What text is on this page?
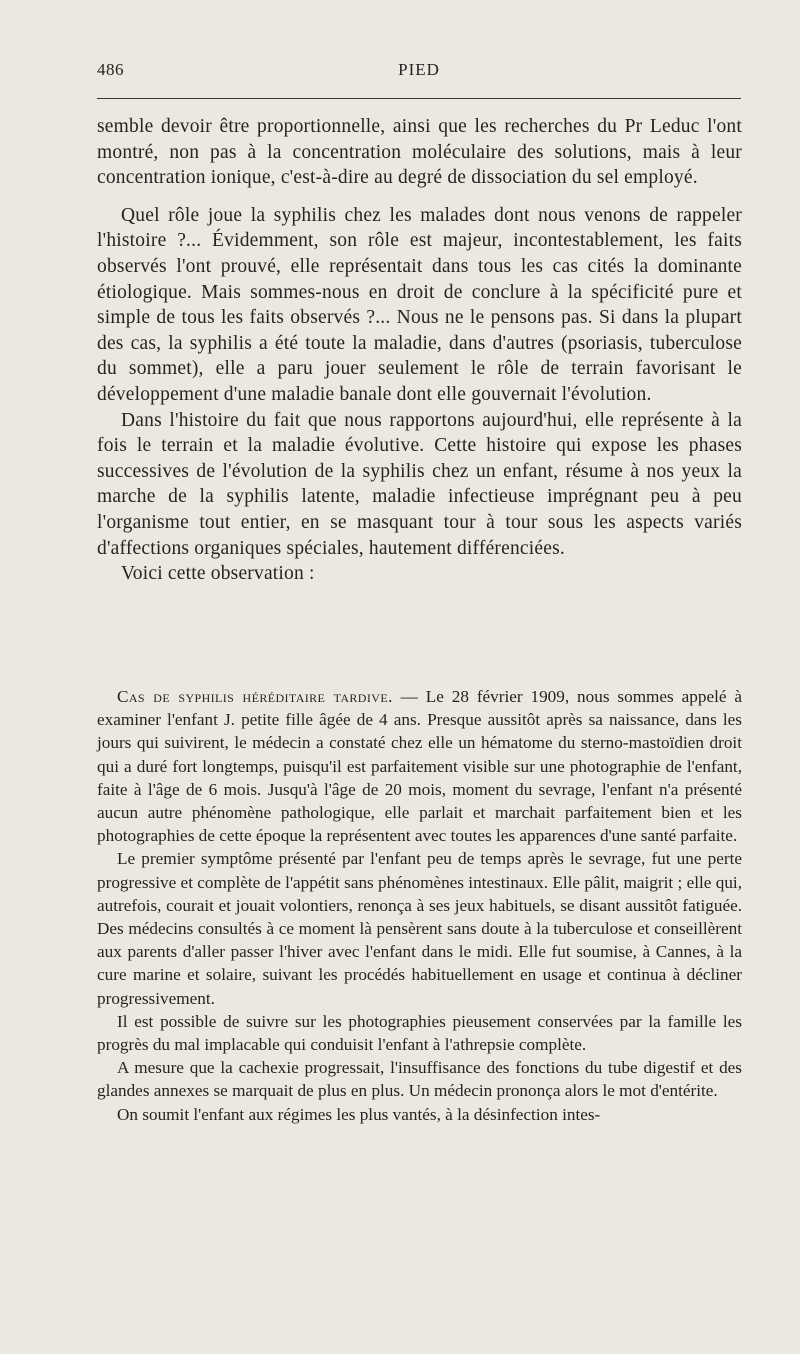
486	PIED

semble devoir être proportionnelle, ainsi que les recherches du Pr Leduc l'ont montré, non pas à la concentration moléculaire des solutions, mais à leur concentration ionique, c'est-à-dire au degré de dissociation du sel employé.

Quel rôle joue la syphilis chez les malades dont nous venons de rappeler l'histoire ?... Évidemment, son rôle est majeur, incontestablement, les faits observés l'ont prouvé, elle représentait dans tous les cas cités la dominante étiologique. Mais sommes-nous en droit de conclure à la spécificité pure et simple de tous les faits observés ?... Nous ne le pensons pas. Si dans la plupart des cas, la syphilis a été toute la maladie, dans d'autres (psoriasis, tuberculose du sommet), elle a paru jouer seulement le rôle de terrain favorisant le développement d'une maladie banale dont elle gouvernait l'évolution.

Dans l'histoire du fait que nous rapportons aujourd'hui, elle représente à la fois le terrain et la maladie évolutive. Cette histoire qui expose les phases successives de l'évolution de la syphilis chez un enfant, résume à nos yeux la marche de la syphilis latente, maladie infectieuse imprégnant peu à peu l'organisme tout entier, en se masquant tour à tour sous les aspects variés d'affections organiques spéciales, hautement différenciées.

Voici cette observation :

Cas de syphilis héréditaire tardive. — Le 28 février 1909, nous sommes appelé à examiner l'enfant J. petite fille âgée de 4 ans. Presque aussitôt après sa naissance, dans les jours qui suivirent, le médecin a constaté chez elle un hématome du sterno-mastoïdien droit qui a duré fort longtemps, puisqu'il est parfaitement visible sur une photographie de l'enfant, faite à l'âge de 6 mois. Jusqu'à l'âge de 20 mois, moment du sevrage, l'enfant n'a présenté aucun autre phénomène pathologique, elle parlait et marchait parfaitement bien et les photographies de cette époque la représentent avec toutes les apparences d'une santé parfaite.

Le premier symptôme présenté par l'enfant peu de temps après le sevrage, fut une perte progressive et complète de l'appétit sans phénomènes intestinaux. Elle pâlit, maigrit ; elle qui, autrefois, courait et jouait volontiers, renonça à ses jeux habituels, se disant aussitôt fatiguée. Des médecins consultés à ce moment là pensèrent sans doute à la tuberculose et conseillèrent aux parents d'aller passer l'hiver avec l'enfant dans le midi. Elle fut soumise, à Cannes, à la cure marine et solaire, suivant les procédés habituellement en usage et continua à décliner progressivement.

Il est possible de suivre sur les photographies pieusement conservées par la famille les progrès du mal implacable qui conduisit l'enfant à l'athrepsie complète.

A mesure que la cachexie progressait, l'insuffisance des fonctions du tube digestif et des glandes annexes se marquait de plus en plus. Un médecin prononça alors le mot d'entérite.

On soumit l'enfant aux régimes les plus vantés, à la désinfection intes-
